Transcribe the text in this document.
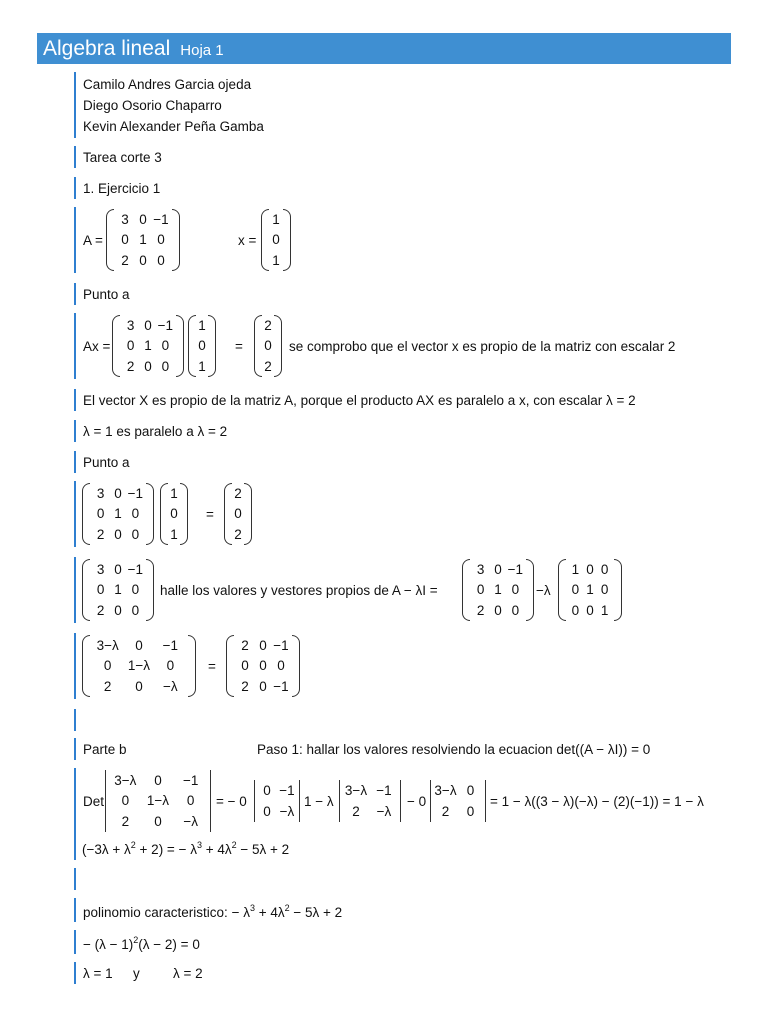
Algebra lineal Hoja 1
Camilo Andres Garcia ojeda
Diego Osorio Chaparro
Kevin Alexander Peña Gamba
Tarea corte 3
1. Ejercicio 1
A =
3 0 −1
0 1 0
2 0 0
x =
1
0
1
Punto a
Ax =
3 0 −1
0 1 0
2 0 0
1
0
1
=
2
0
2
se comprobo que el vector x es propio de la matriz con escalar 2
El vector X es propio de la matriz A, porque el producto AX es paralelo a x, con escalar λ = 2
λ = 1 es paralelo a λ = 2
Punto a
3 0 −1
0 1 0
2 0 0
1
0
1
=
2
0
2
3 0 −1
0 1 0
2 0 0
halle los valores y vestores propios de A − λI =
3 0 −1
0 1 0
2 0 0
−λ
1 0 0
0 1 0
0 0 1
3−λ 0 −1
0 1−λ 0
2 0 −λ
=
2 0 −1
0 0 0
2 0 −1
Parte b	Paso 1: hallar los valores resolviendo la ecuacion det((A − λI)) = 0
Det
3−λ 0 −1
0 1−λ 0
2 0 −λ
= − 0
0 −1
0 −λ
1 − λ
3−λ −1
2 −λ
− 0
3−λ 0
2 0
= 1 − λ((3 − λ)(−λ) − (2)(−1)) = 1 − λ
$(-3\lambda + \lambda^2 + 2)$ = − $\lambda^3 + 4\lambda^2 - 5\lambda + 2$
polinomio caracteristico: − $\lambda^3 + 4\lambda^2 - 5\lambda + 2$
− $(\lambda - 1)^2(\lambda - 2) = 0$
λ = 1 y λ = 2
